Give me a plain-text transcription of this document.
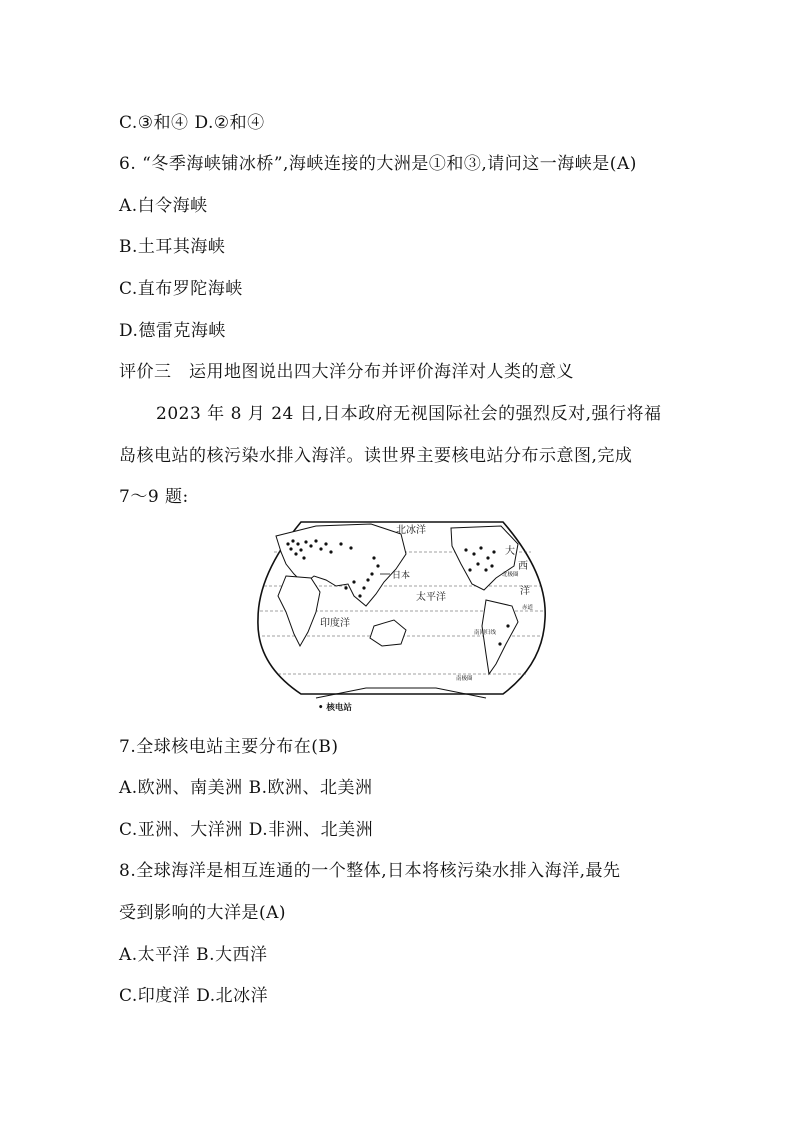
C.③和④ D.②和④
6. “冬季海峡铺冰桥”,海峡连接的大洲是①和③,请问这一海峡是(A)
A.白令海峡
B.土耳其海峡
C.直布罗陀海峡
D.德雷克海峡
评价三　运用地图说出四大洋分布并评价海洋对人类的意义
2023 年 8 月 24 日,日本政府无视国际社会的强烈反对,强行将福
岛核电站的核污染水排入海洋。读世界主要核电站分布示意图,完成
7～9 题:
北冰洋
日本
太平洋
印度洋
大
西
洋
北极圈
赤道
南回归线
南极圈
• 核电站
7.全球核电站主要分布在(B)
A.欧洲、南美洲 B.欧洲、北美洲
C.亚洲、大洋洲 D.非洲、北美洲
8.全球海洋是相互连通的一个整体,日本将核污染水排入海洋,最先
受到影响的大洋是(A)
A.太平洋 B.大西洋
C.印度洋 D.北冰洋
